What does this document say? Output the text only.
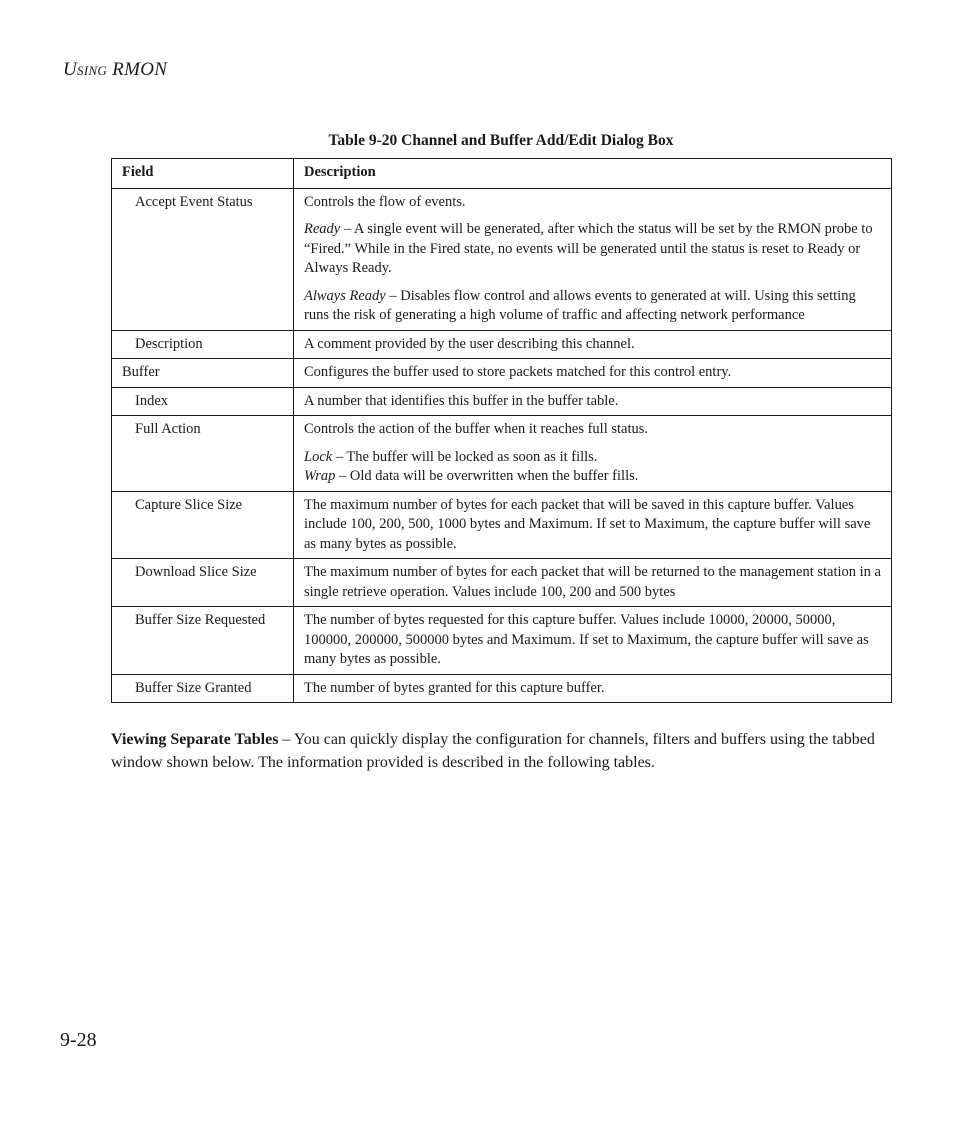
USING RMON
Table 9-20 Channel and Buffer Add/Edit Dialog Box
Field	Description
Accept Event Status	Controls the flow of events.

Ready – A single event will be generated, after which the status will be set by the RMON probe to “Fired.” While in the Fired state, no events will be generated until the status is reset to Ready or Always Ready.

Always Ready – Disables flow control and allows events to generated at will. Using this setting runs the risk of generating a high volume of traffic and affecting network performance

Description	A comment provided by the user describing this channel.

Buffer	Configures the buffer used to store packets matched for this control entry.

Index	A number that identifies this buffer in the buffer table.

Full Action	Controls the action of the buffer when it reaches full status.

Lock – The buffer will be locked as soon as it fills.

Wrap – Old data will be overwritten when the buffer fills.

Capture Slice Size	The maximum number of bytes for each packet that will be saved in this capture buffer. Values include 100, 200, 500, 1000 bytes and Maximum. If set to Maximum, the capture buffer will save as many bytes as possible.

Download Slice Size	The maximum number of bytes for each packet that will be returned to the management station in a single retrieve operation. Values include 100, 200 and 500 bytes

Buffer Size Requested	The number of bytes requested for this capture buffer. Values include 10000, 20000, 50000, 100000, 200000, 500000 bytes and Maximum. If set to Maximum, the capture buffer will save as many bytes as possible.

Buffer Size Granted	The number of bytes granted for this capture buffer.

Viewing Separate Tables – You can quickly display the configuration for channels, filters and buffers using the tabbed window shown below. The information provided is described in the following tables.
9-28
